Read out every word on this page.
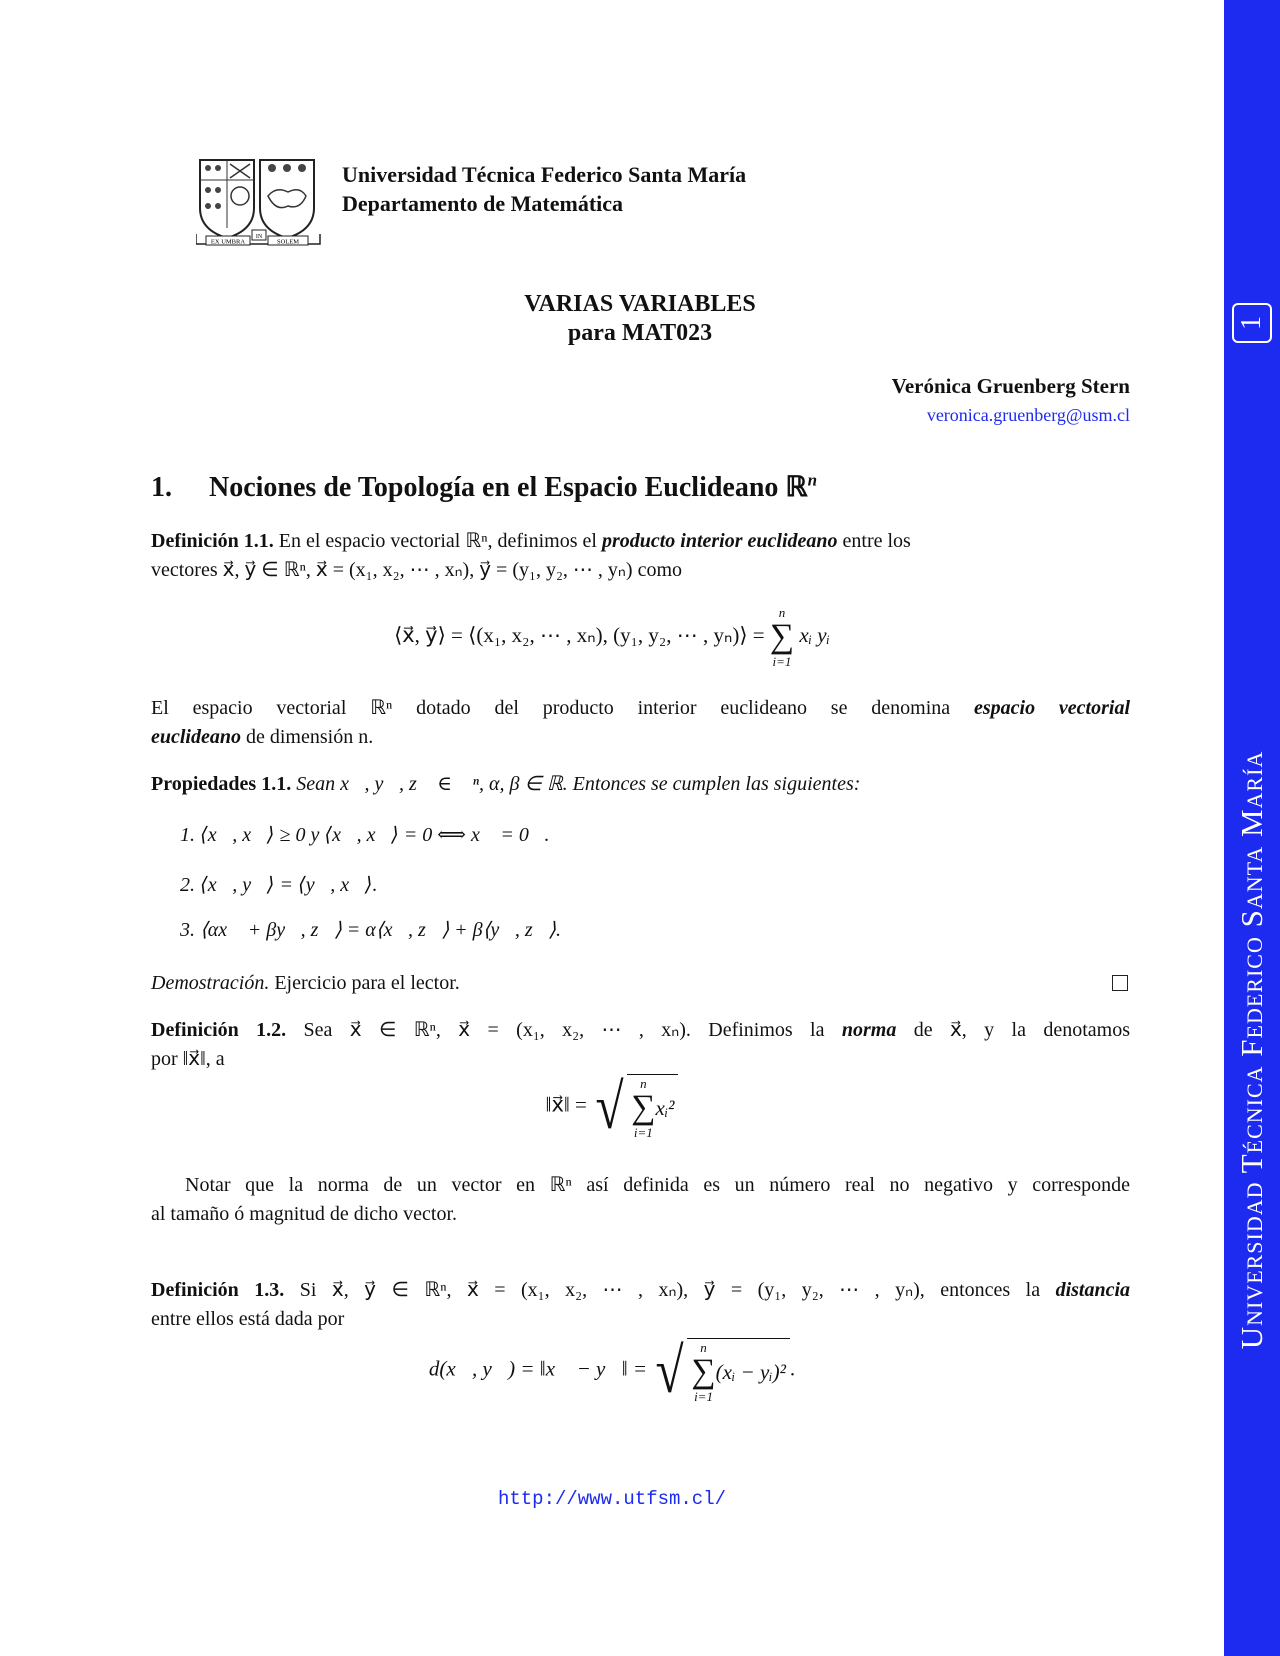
1
Universidad Técnica Federico Santa María
EX UMBRA
IN
SOLEM
Universidad Técnica Federico Santa María
Departamento de Matemática
VARIAS VARIABLES
para MAT023
Verónica Gruenberg Stern
veronica.gruenberg@usm.cl
1. Nociones de Topología en el Espacio Euclideano ℝ$^n$
Definición 1.1. En el espacio vectorial ℝⁿ, definimos el producto interior euclideano entre los
vectores x⃗, y⃗ ∈ ℝⁿ, x⃗ = (x₁, x₂, ⋯ , xₙ), y⃗ = (y₁, y₂, ⋯ , yₙ) como
⟨x⃗, y⃗⟩ = ⟨(x₁, x₂, ⋯ , xₙ), (y₁, y₂, ⋯ , yₙ)⟩ =
n
∑
i=1
xᵢ yᵢ
El espacio vectorial ℝⁿ dotado del producto interior euclideano se denomina espacio vectorial
euclideano de dimensión n.
Propiedades 1.1. Sean x⃗, y⃗, z⃗ ∈ ℝⁿ, α, β ∈ ℝ. Entonces se cumplen las siguientes:
1. ⟨x⃗, x⃗⟩ ≥ 0 y ⟨x⃗, x⃗⟩ = 0 ⟺ x⃗ = 0⃗.
2. ⟨x⃗, y⃗⟩ = ⟨y⃗, x⃗⟩.
3. ⟨αx⃗ + βy⃗, z⃗⟩ = α⟨x⃗, z⃗⟩ + β⟨y⃗, z⃗⟩.
Demostración. Ejercicio para el lector.
Definición 1.2. Sea x⃗ ∈ ℝⁿ, x⃗ = (x₁, x₂, ⋯ , xₙ). Definimos la norma de x⃗, y la denotamos
por ‖x⃗‖, a
‖x⃗‖ = √ n
∑
i=1
xᵢ²
Notar que la norma de un vector en ℝⁿ así definida es un número real no negativo y corresponde
al tamaño ó magnitud de dicho vector.
Definición 1.3. Si x⃗, y⃗ ∈ ℝⁿ, x⃗ = (x₁, x₂, ⋯ , xₙ), y⃗ = (y₁, y₂, ⋯ , yₙ), entonces la distancia
entre ellos está dada por
d(x⃗, y⃗) = ‖x⃗ − y⃗‖ = √ n
∑
i=1
(xᵢ − yᵢ)² .
http://www.utfsm.cl/
